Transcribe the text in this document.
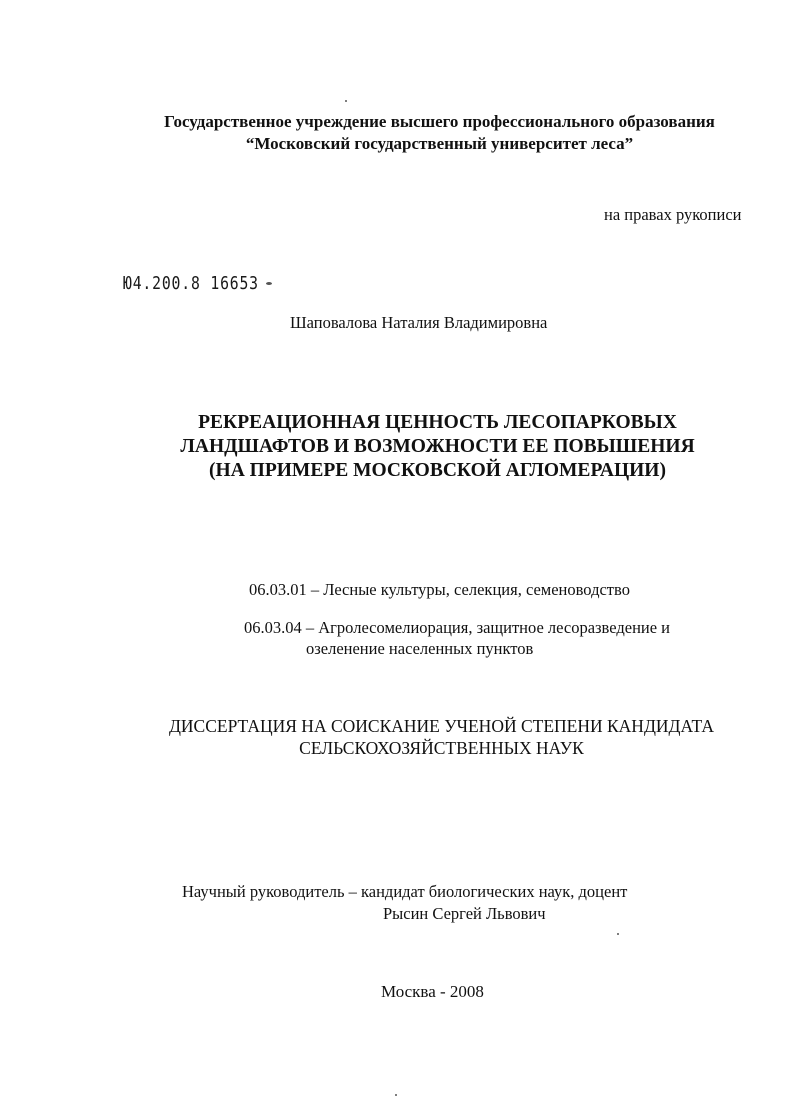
Государственное учреждение высшего профессионального образования
“Московский государственный университет леса”
на правах рукописи
Ю4.200.8 16653
Шаповалова Наталия Владимировна
РЕКРЕАЦИОННАЯ ЦЕННОСТЬ ЛЕСОПАРКОВЫХ
ЛАНДШАФТОВ И ВОЗМОЖНОСТИ ЕЕ ПОВЫШЕНИЯ
(НА ПРИМЕРЕ МОСКОВСКОЙ АГЛОМЕРАЦИИ)
06.03.01 – Лесные культуры, селекция, семеноводство
06.03.04 – Агролесомелиорация, защитное лесоразведение и
озеленение населенных пунктов
ДИССЕРТАЦИЯ НА СОИСКАНИЕ УЧЕНОЙ СТЕПЕНИ КАНДИДАТА
СЕЛЬСКОХОЗЯЙСТВЕННЫХ НАУК
Научный руководитель – кандидат биологических наук, доцент
Рысин Сергей Львович
Москва - 2008
